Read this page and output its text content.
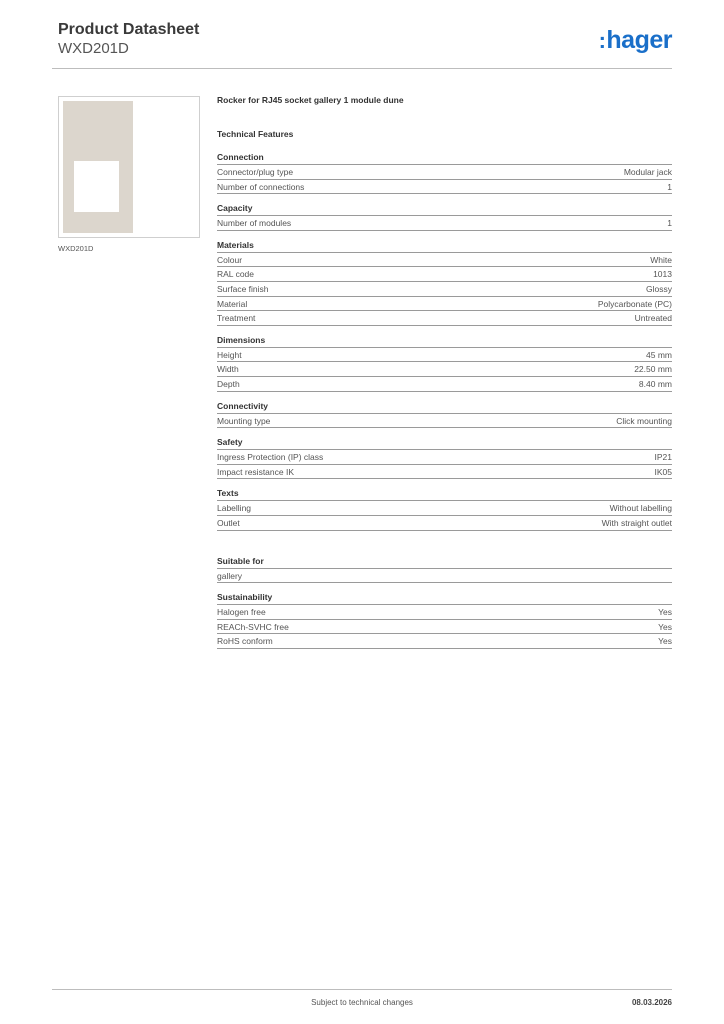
Product Datasheet
WXD201D	:hager
WXD201D
Rocker for RJ45 socket gallery 1 module dune
Technical Features
Connection
Connector/plug type	Modular jack
Number of connections	1
Capacity
Number of modules	1
Materials
Colour	White
RAL code	1013
Surface finish	Glossy
Material	Polycarbonate (PC)
Treatment	Untreated
Dimensions
Height	45 mm
Width	22.50 mm
Depth	8.40 mm
Connectivity
Mounting type	Click mounting
Safety
Ingress Protection (IP) class	IP21
Impact resistance IK	IK05
Texts
Labelling	Without labelling
Outlet	With straight outlet
Suitable for
gallery
Sustainability
Halogen free	Yes
REACh-SVHC free	Yes
RoHS conform	Yes
Subject to technical changes	08.03.2026
